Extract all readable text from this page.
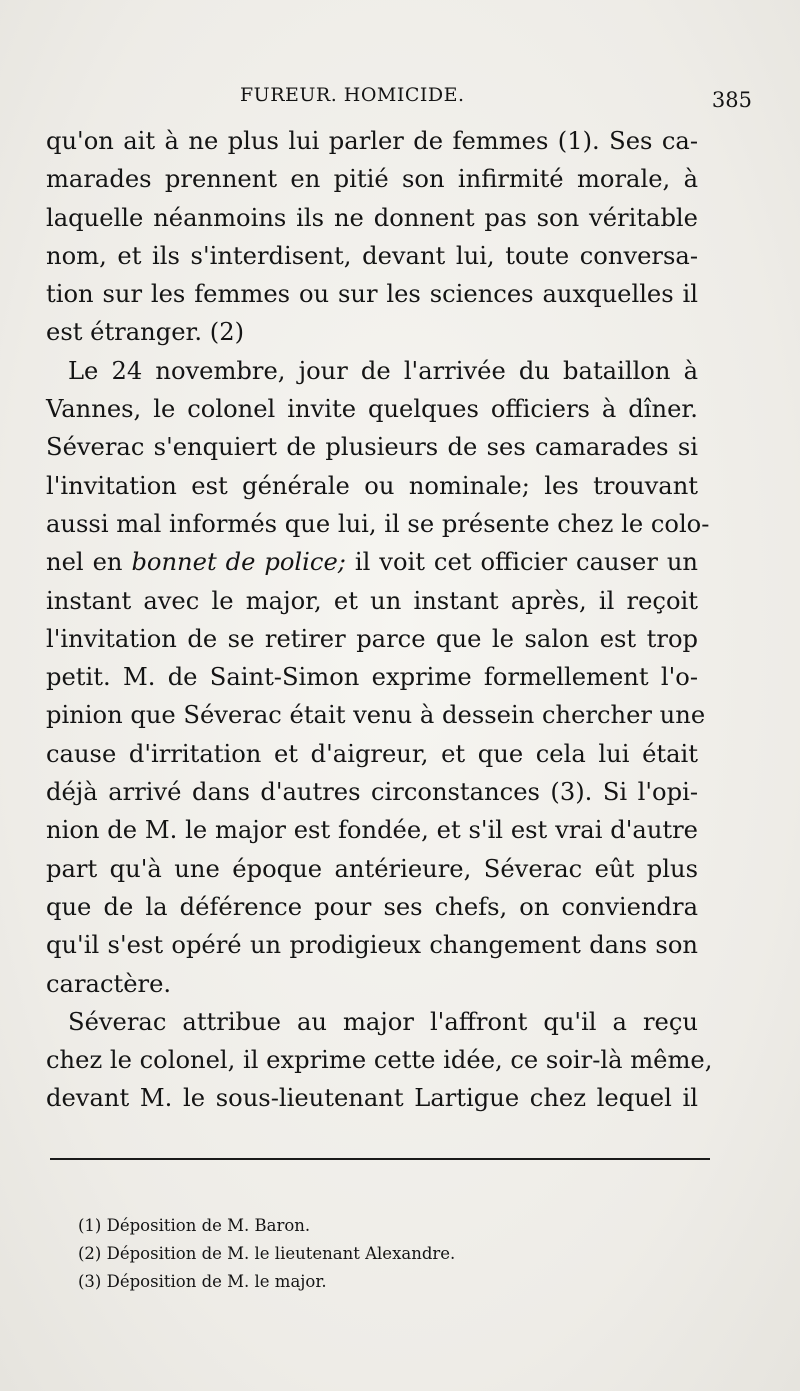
FUREUR. HOMICIDE.	385
qu'on ait à ne plus lui parler de femmes (1). Ses ca-
marades prennent en pitié son infirmité morale, à
laquelle néanmoins ils ne donnent pas son véritable
nom, et ils s'interdisent, devant lui, toute conversa-
tion sur les femmes ou sur les sciences auxquelles il
est étranger. (2)
Le 24 novembre, jour de l'arrivée du bataillon à
Vannes, le colonel invite quelques officiers à dîner.
Séverac s'enquiert de plusieurs de ses camarades si
l'invitation est générale ou nominale; les trouvant
aussi mal informés que lui, il se présente chez le colo-
nel en bonnet de police; il voit cet officier causer un
instant avec le major, et un instant après, il reçoit
l'invitation de se retirer parce que le salon est trop
petit. M. de Saint-Simon exprime formellement l'o-
pinion que Séverac était venu à dessein chercher une
cause d'irritation et d'aigreur, et que cela lui était
déjà arrivé dans d'autres circonstances (3). Si l'opi-
nion de M. le major est fondée, et s'il est vrai d'autre
part qu'à une époque antérieure, Séverac eût plus
que de la déférence pour ses chefs, on conviendra
qu'il s'est opéré un prodigieux changement dans son
caractère.
Séverac attribue au major l'affront qu'il a reçu
chez le colonel, il exprime cette idée, ce soir-là même,
devant M. le sous-lieutenant Lartigue chez lequel il
(1) Déposition de M. Baron.
(2) Déposition de M. le lieutenant Alexandre.
(3) Déposition de M. le major.
